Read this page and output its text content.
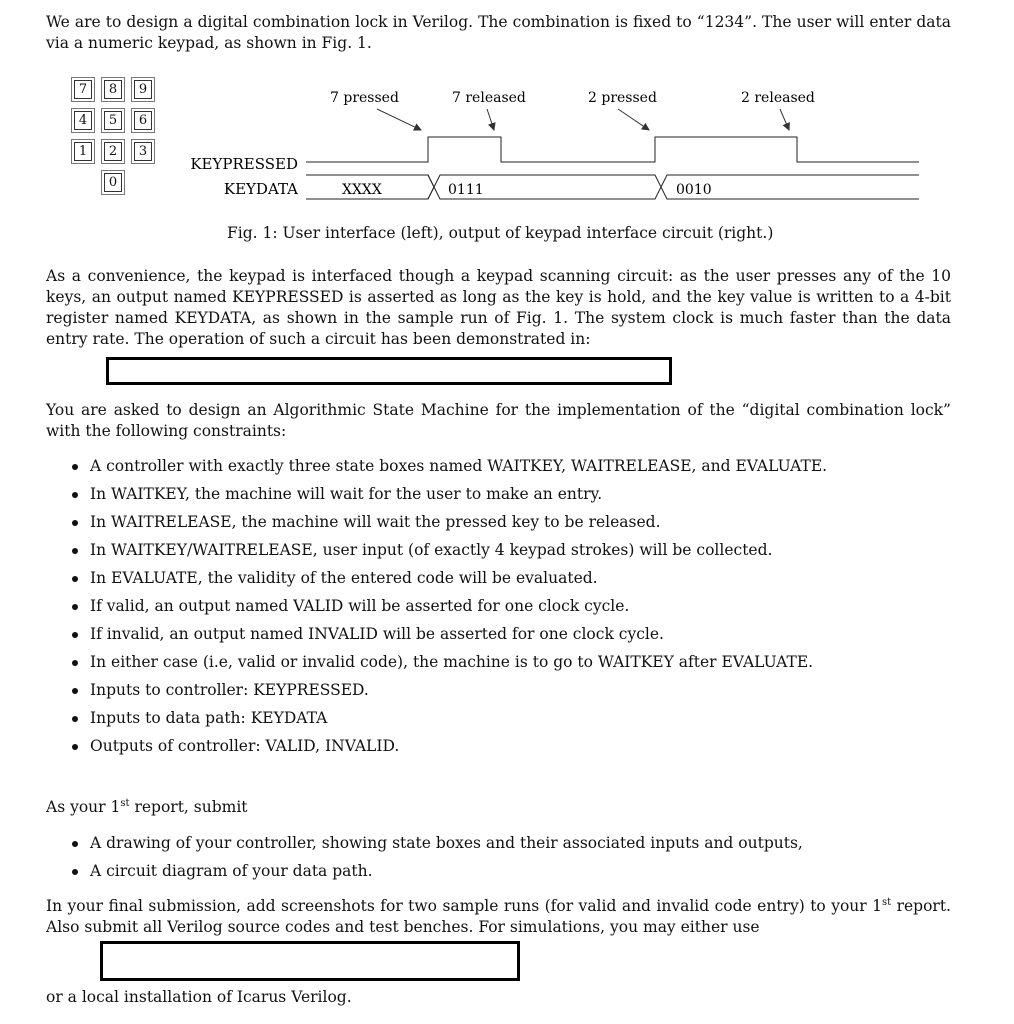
We are to design a digital combination lock in Verilog. The combination is fixed to “1234”. The user will enter data via a numeric keypad, as shown in Fig. 1.

7	8	9
4	5	6
1	2	3
0
7 pressed	7 released	2 pressed	2 released
KEYPRESSED
KEYDATA	XXXX	0111	0010
Fig. 1: User interface (left), output of keypad interface circuit (right.)

As a convenience, the keypad is interfaced though a keypad scanning circuit: as the user presses any of the 10 keys, an output named KEYPRESSED is asserted as long as the key is hold, and the key value is written to a 4-bit register named KEYDATA, as shown in the sample run of Fig. 1. The system clock is much faster than the data entry rate. The operation of such a circuit has been demonstrated in:

You are asked to design an Algorithmic State Machine for the implementation of the “digital combination lock” with the following constraints:

A controller with exactly three state boxes named WAITKEY, WAITRELEASE, and EVALUATE.
In WAITKEY, the machine will wait for the user to make an entry.
In WAITRELEASE, the machine will wait the pressed key to be released.
In WAITKEY/WAITRELEASE, user input (of exactly 4 keypad strokes) will be collected.
In EVALUATE, the validity of the entered code will be evaluated.
If valid, an output named VALID will be asserted for one clock cycle.
If invalid, an output named INVALID will be asserted for one clock cycle.
In either case (i.e, valid or invalid code), the machine is to go to WAITKEY after EVALUATE.
Inputs to controller: KEYPRESSED.
Inputs to data path: KEYDATA
Outputs of controller: VALID, INVALID.

As your 1st report, submit

A drawing of your controller, showing state boxes and their associated inputs and outputs,
A circuit diagram of your data path.

In your final submission, add screenshots for two sample runs (for valid and invalid code entry) to your 1st report. Also submit all Verilog source codes and test benches. For simulations, you may either use

or a local installation of Icarus Verilog.
